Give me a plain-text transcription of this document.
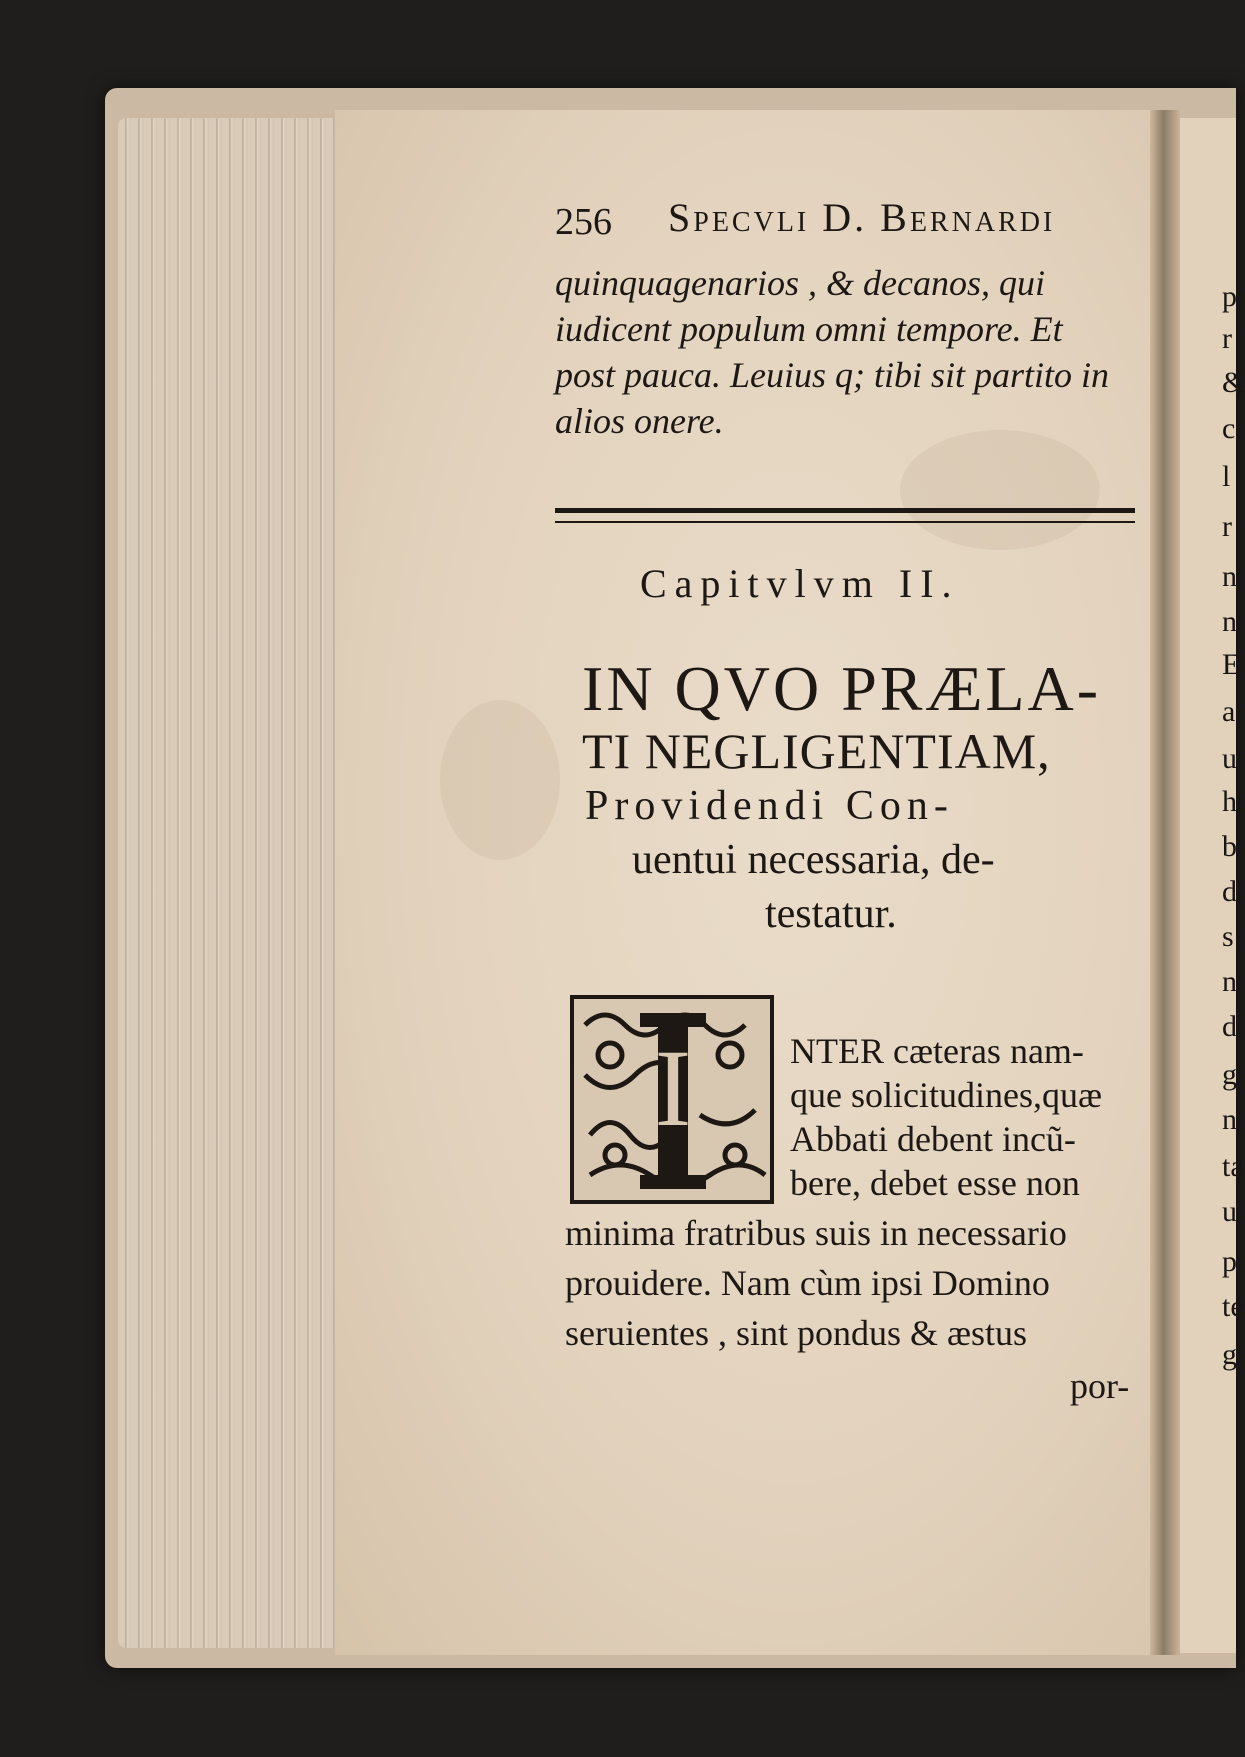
256 Specvli D. Bernardi
quinquagenarios , & decanos, qui
iudicent populum omni tempore. Et
post pauca. Leuius q; tibi sit partito in
alios onere.
Capitvlvm II.
IN QVO PRÆLA-
TI NEGLIGENTIAM,
Providendi Con-
uentui necessaria, de-
testatur.
I	NTER cæteras nam-
que solicitudines,quæ
Abbati debent incũ-
bere, debet esse non
minima fratribus suis in necessario
prouidere. Nam cùm ipsi Domino
seruientes , sint pondus & æstus
por-
p
r
&
c
l
r
n
n
E
a
u
h
b
d
s
n
d
g
n
ta
u
p
te
g
